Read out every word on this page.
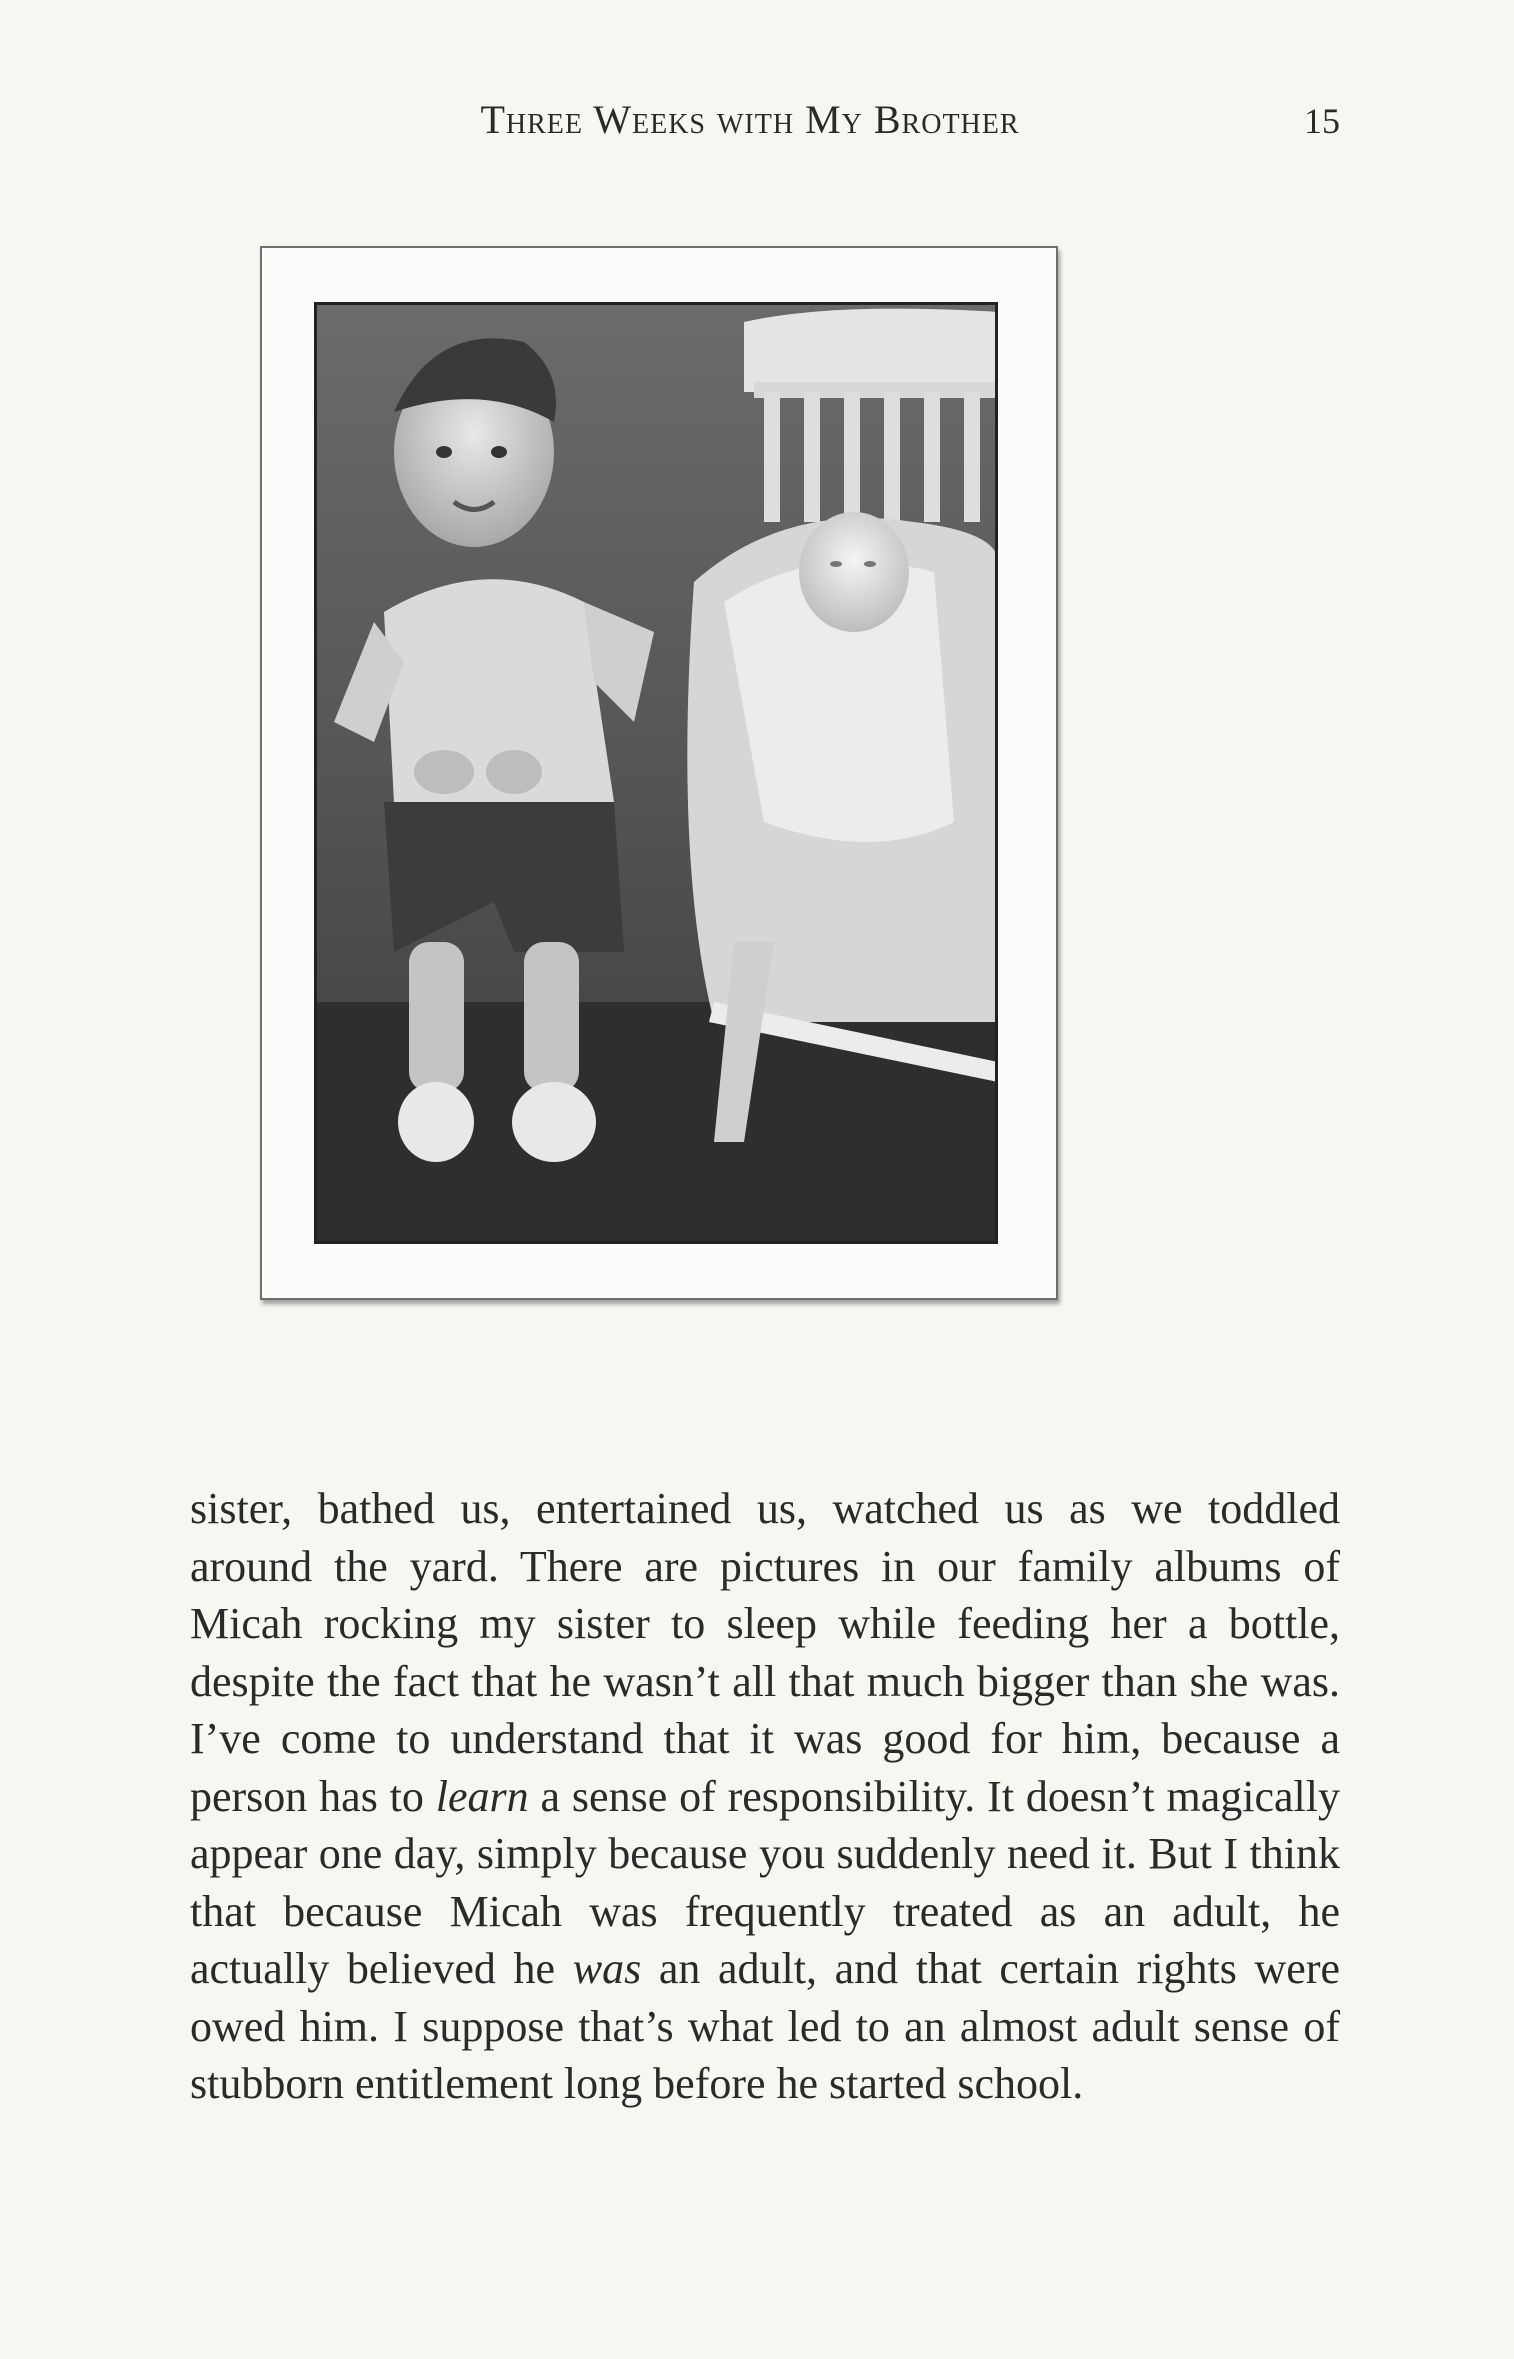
Three Weeks with My Brother	15
sister, bathed us, entertained us, watched us as we toddled around the yard. There are pictures in our family albums of Micah rocking my sister to sleep while feeding her a bottle, despite the fact that he wasn’t all that much bigger than she was. I’ve come to understand that it was good for him, because a person has to learn a sense of responsibility. It doesn’t magically appear one day, simply because you suddenly need it. But I think that because Micah was frequently treated as an adult, he actually believed he was an adult, and that certain rights were owed him. I suppose that’s what led to an almost adult sense of stubborn entitlement long before he started school.
